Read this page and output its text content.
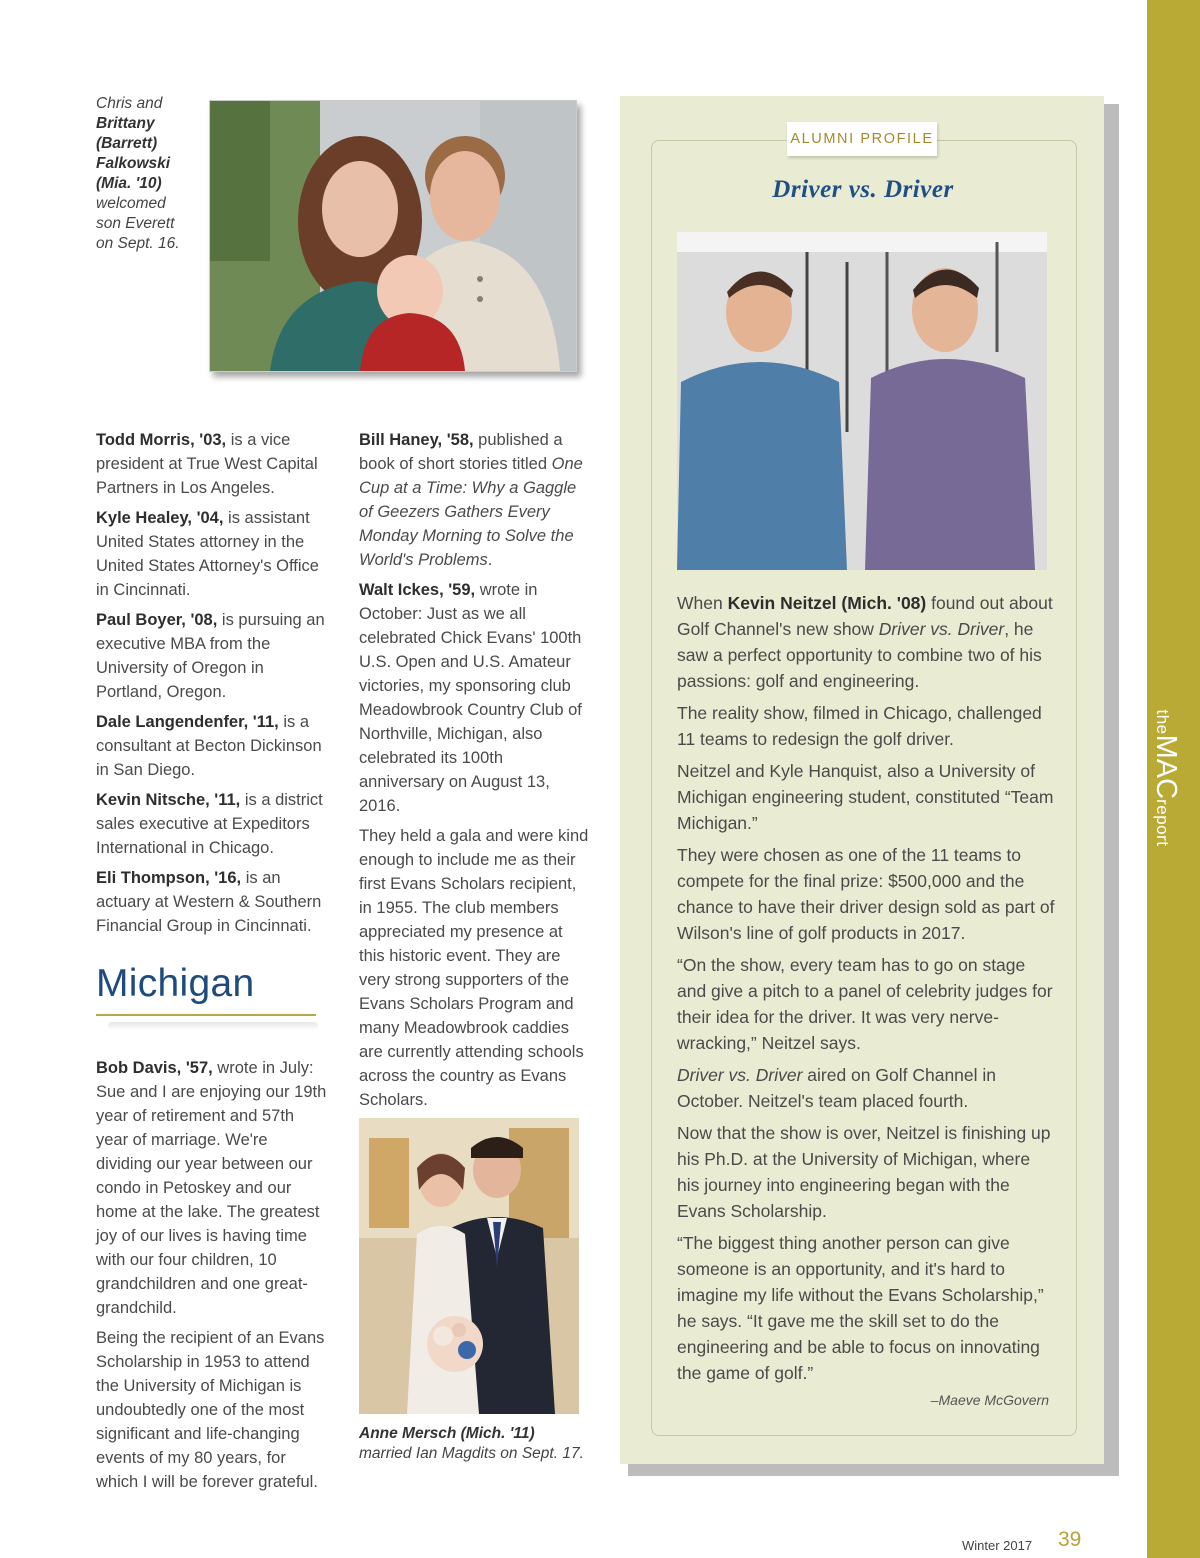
theMACreport
Chris and
Brittany
(Barrett)
Falkowski
(Mia. '10)
welcomed
son Everett
on Sept. 16.

Todd Morris, '03, is a vice president at True West Capital Partners in Los Angeles.

Kyle Healey, '04, is assistant United States attorney in the United States Attorney's Office in Cincinnati.

Paul Boyer, '08, is pursuing an executive MBA from the University of Oregon in Portland, Oregon.

Dale Langendenfer, '11, is a consultant at Becton Dickinson in San Diego.

Kevin Nitsche, '11, is a district sales executive at Expeditors International in Chicago.

Eli Thompson, '16, is an actuary at Western & Southern Financial Group in Cincinnati.

Michigan

Bob Davis, '57, wrote in July: Sue and I are enjoying our 19th year of retirement and 57th year of marriage. We're dividing our year between our condo in Petoskey and our home at the lake. The greatest joy of our lives is having time with our four children, 10 grandchildren and one great-grandchild.

Being the recipient of an Evans Scholarship in 1953 to attend the University of Michigan is undoubtedly one of the most significant and life-changing events of my 80 years, for which I will be forever grateful.

Bill Haney, '58, published a book of short stories titled One Cup at a Time: Why a Gaggle of Geezers Gathers Every Monday Morning to Solve the World's Problems.

Walt Ickes, '59, wrote in October: Just as we all celebrated Chick Evans' 100th U.S. Open and U.S. Amateur victories, my sponsoring club Meadowbrook Country Club of Northville, Michigan, also celebrated its 100th anniversary on August 13, 2016.

They held a gala and were kind enough to include me as their first Evans Scholars recipient, in 1955. The club members appreciated my presence at this historic event. They are very strong supporters of the Evans Scholars Program and many Meadowbrook caddies are currently attending schools across the country as Evans Scholars.

Anne Mersch (Mich. '11)
married Ian Magdits on Sept. 17.
ALUMNI PROFILE
Driver vs. Driver

When Kevin Neitzel (Mich. '08) found out about Golf Channel's new show Driver vs. Driver, he saw a perfect opportunity to combine two of his passions: golf and engineering.

The reality show, filmed in Chicago, challenged 11 teams to redesign the golf driver.

Neitzel and Kyle Hanquist, also a University of Michigan engineering student, constituted “Team Michigan.”

They were chosen as one of the 11 teams to compete for the final prize: $500,000 and the chance to have their driver design sold as part of Wilson's line of golf products in 2017.

“On the show, every team has to go on stage and give a pitch to a panel of celebrity judges for their idea for the driver. It was very nerve-wracking,” Neitzel says.

Driver vs. Driver aired on Golf Channel in October. Neitzel's team placed fourth.

Now that the show is over, Neitzel is finishing up his Ph.D. at the University of Michigan, where his journey into engineering began with the Evans Scholarship.

“The biggest thing another person can give someone is an opportunity, and it's hard to imagine my life without the Evans Scholarship,” he says. “It gave me the skill set to do the engineering and be able to focus on innovating the game of golf.”

–Maeve McGovern
Winter 2017 39
